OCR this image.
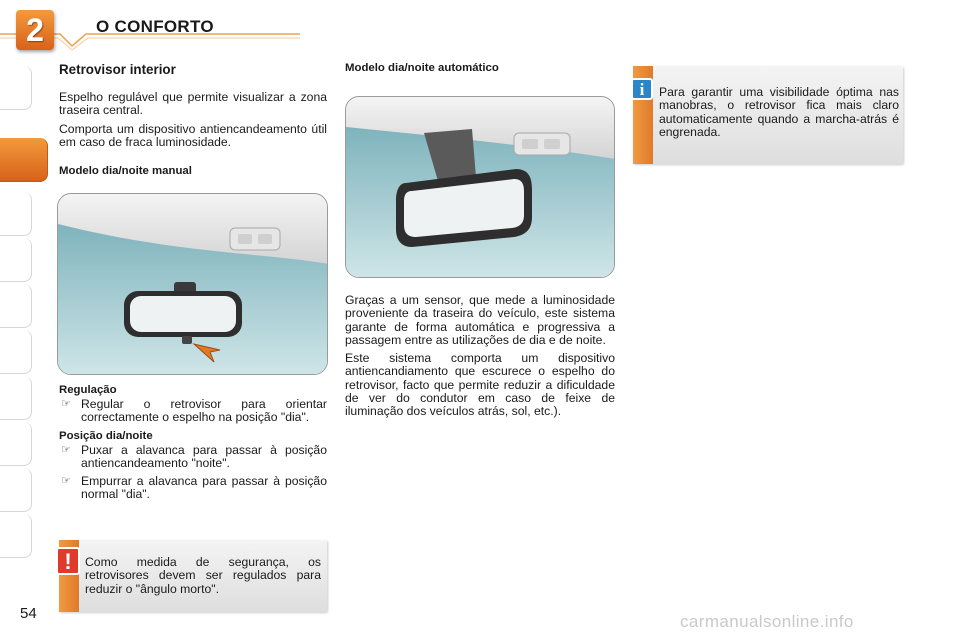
2	O CONFORTO
Retrovisor interior

Espelho regulável que permite visualizar a zona traseira central.

Comporta um dispositivo antiencandeamento útil em caso de fraca luminosidade.

Modelo dia/noite manual
Regulação
☞ Regular o retrovisor para orientar correctamente o espelho na posição "dia".
Posição dia/noite
☞ Puxar a alavanca para passar à posição antiencandeamento "noite".
☞ Empurrar a alavanca para passar à posição normal "dia".
Modelo dia/noite automático

Graças a um sensor, que mede a luminosidade proveniente da traseira do veículo, este sistema garante de forma automática e progressiva a passagem entre as utilizações de dia e de noite.

Este sistema comporta um dispositivo antiencandiamento que escurece o espelho do retrovisor, facto que permite reduzir a dificuldade de ver do condutor em caso de feixe de iluminação dos veículos atrás, sol, etc.).

i	Para garantir uma visibilidade óptima nas manobras, o retrovisor fica mais claro automaticamente quando a marcha-atrás é engrenada.
!	Como medida de segurança, os retrovisores devem ser regulados para reduzir o "ângulo morto".
54	carmanualsonline.info
